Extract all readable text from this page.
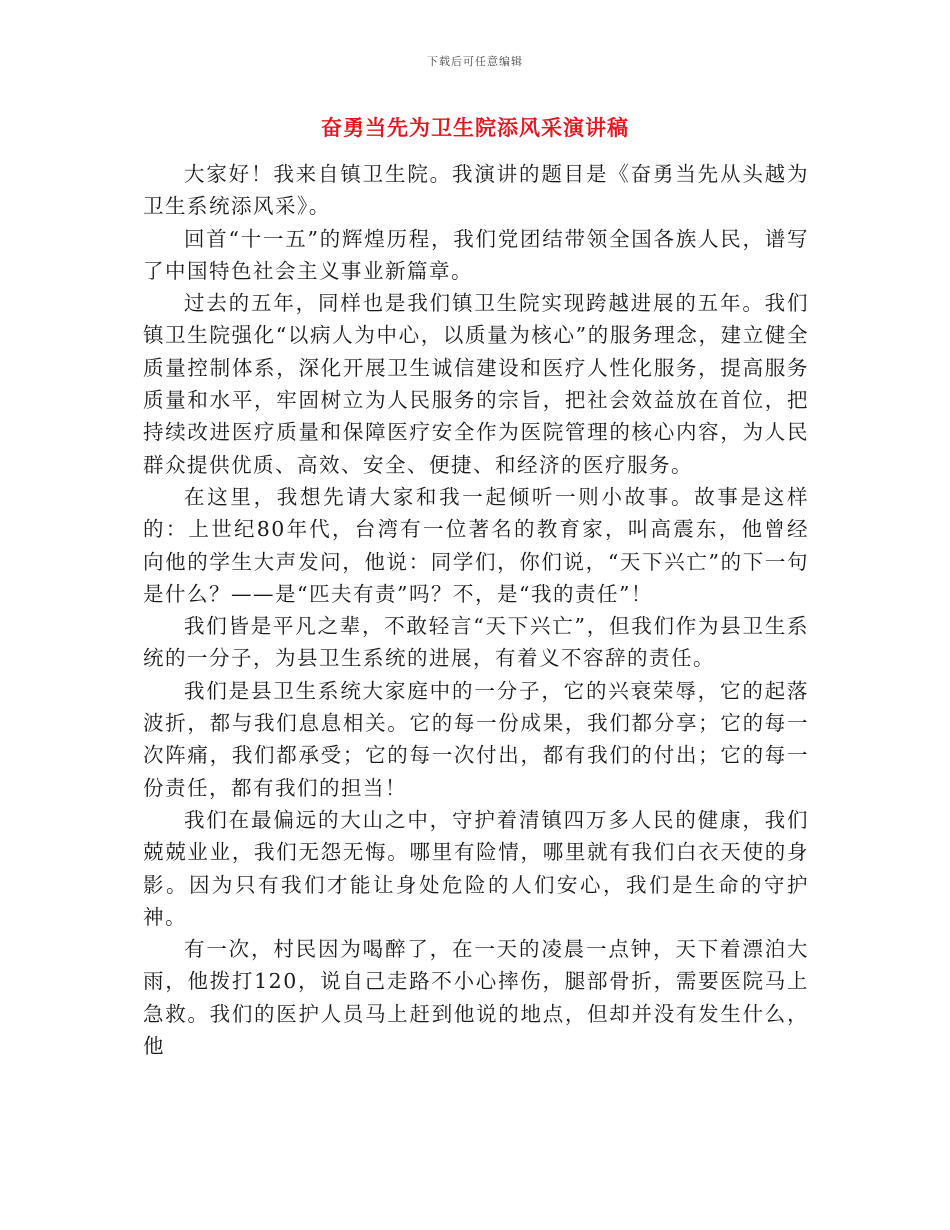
下载后可任意编辑
奋勇当先为卫生院添风采演讲稿

大家好！我来自镇卫生院。我演讲的题目是《奋勇当先从头越为卫生系统添风采》。

回首“十一五”的辉煌历程，我们党团结带领全国各族人民，谱写了中国特色社会主义事业新篇章。

过去的五年，同样也是我们镇卫生院实现跨越进展的五年。我们镇卫生院强化“以病人为中心，以质量为核心”的服务理念，建立健全质量控制体系，深化开展卫生诚信建设和医疗人性化服务，提高服务质量和水平，牢固树立为人民服务的宗旨，把社会效益放在首位，把持续改进医疗质量和保障医疗安全作为医院管理的核心内容，为人民群众提供优质、高效、安全、便捷、和经济的医疗服务。

在这里，我想先请大家和我一起倾听一则小故事。故事是这样的：上世纪80年代，台湾有一位著名的教育家，叫高震东，他曾经向他的学生大声发问，他说：同学们，你们说，“天下兴亡”的下一句是什么？——是“匹夫有责”吗？不，是“我的责任”！

我们皆是平凡之辈，不敢轻言“天下兴亡”，但我们作为县卫生系统的一分子，为县卫生系统的进展，有着义不容辞的责任。

我们是县卫生系统大家庭中的一分子，它的兴衰荣辱，它的起落波折，都与我们息息相关。它的每一份成果，我们都分享；它的每一次阵痛，我们都承受；它的每一次付出，都有我们的付出；它的每一份责任，都有我们的担当！

我们在最偏远的大山之中，守护着清镇四万多人民的健康，我们兢兢业业，我们无怨无悔。哪里有险情，哪里就有我们白衣天使的身影。因为只有我们才能让身处危险的人们安心，我们是生命的守护神。

有一次，村民因为喝醉了，在一天的凌晨一点钟，天下着漂泊大雨，他拨打120，说自己走路不小心摔伤，腿部骨折，需要医院马上急救。我们的医护人员马上赶到他说的地点，但却并没有发生什么，他
